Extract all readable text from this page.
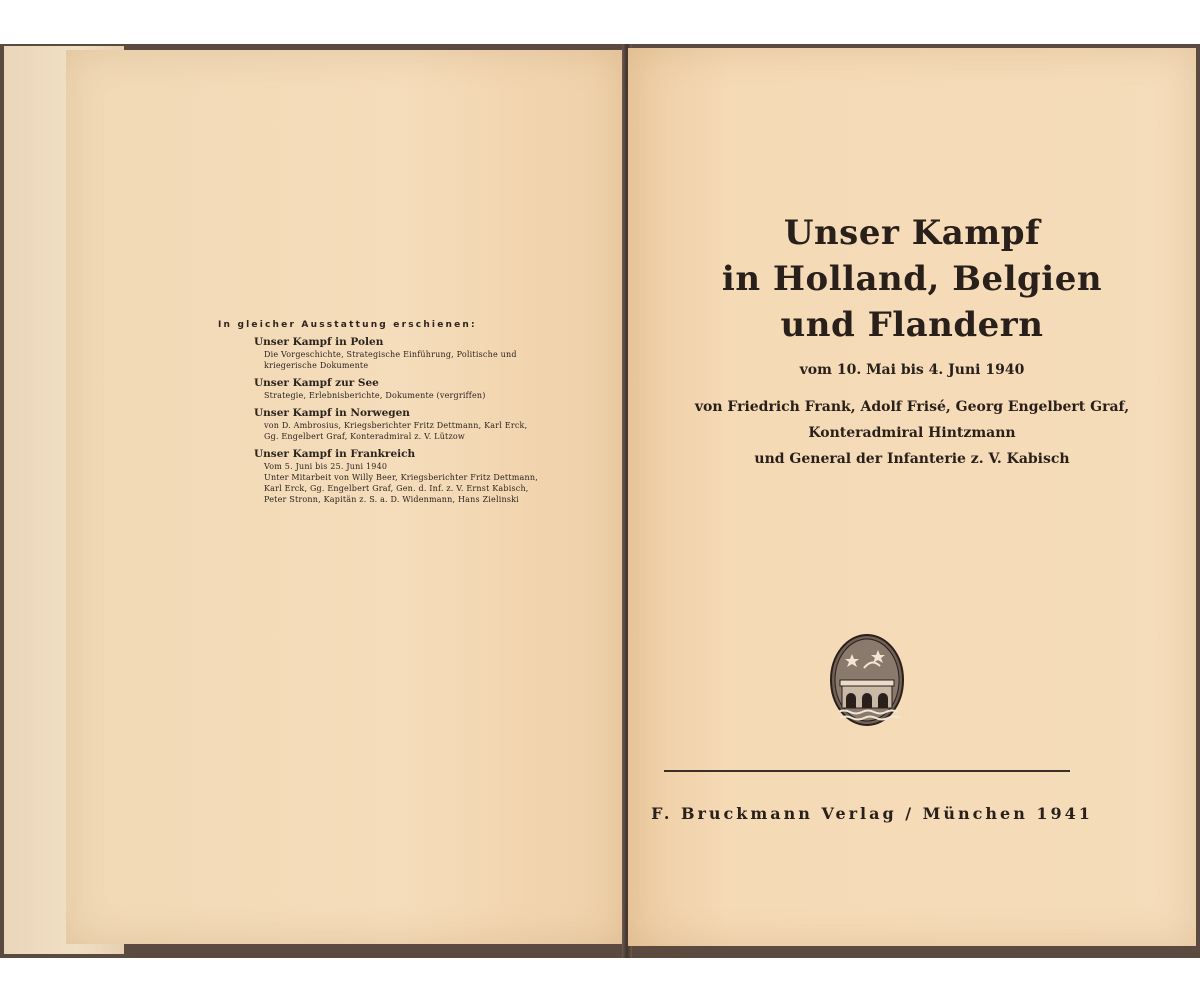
In gleicher Ausstattung erschienen:
Unser Kampf in Polen
Die Vorgeschichte, Strategische Einführung, Politische und
kriegerische Dokumente
Unser Kampf zur See
Strategie, Erlebnisberichte, Dokumente (vergriffen)
Unser Kampf in Norwegen
von D. Ambrosius, Kriegsberichter Fritz Dettmann, Karl Erck,
Gg. Engelbert Graf, Konteradmiral z. V. Lützow
Unser Kampf in Frankreich
Vom 5. Juni bis 25. Juni 1940
Unter Mitarbeit von Willy Beer, Kriegsberichter Fritz Dettmann,
Karl Erck, Gg. Engelbert Graf, Gen. d. Inf. z. V. Ernst Kabisch,
Peter Stronn, Kapitän z. S. a. D. Widenmann, Hans Zielinski
Unser Kampf
in Holland, Belgien
und Flandern
vom 10. Mai bis 4. Juni 1940
von Friedrich Frank, Adolf Frisé, Georg Engelbert Graf,
Konteradmiral Hintzmann
und General der Infanterie z. V. Kabisch
F. Bruckmann Verlag / München 1941
